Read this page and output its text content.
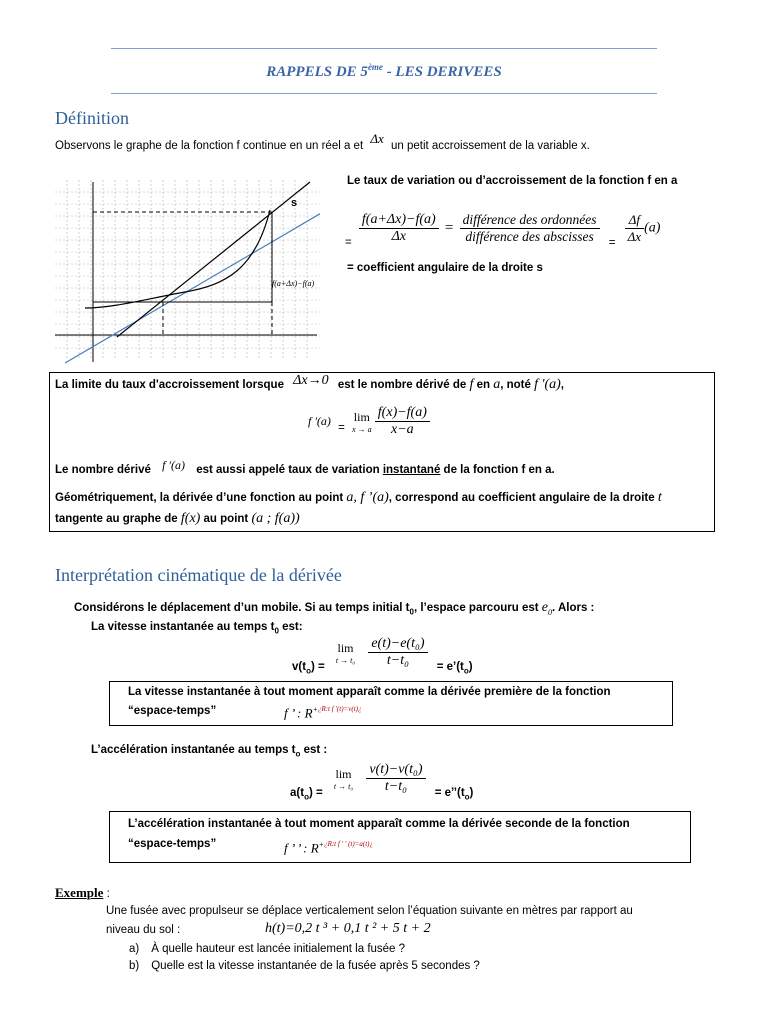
RAPPELS DE 5ème - LES DERIVEES
Définition
Observons le graphe de la fonction f continue en un réel a et Δx un petit accroissement de la variable x.
s
f(a+Δx)−f(a)
Le taux de variation ou d’accroissement de la fonction f en a
= $\frac{f(a+\Delta x)-f(a)}{\Delta x} = \frac{\text{différence des ordonnées}}{\text{différence des abscisses}} = \frac{\Delta f}{\Delta x} (a)$
= coefficient angulaire de la droite s
La limite du taux d'accroissement lorsque Δx→0 est le nombre dérivé de f en a, noté f '(a),
f '(a) = lim
x → a
$\frac{f(x)-f(a)}{x-a}$
Le nombre dérivé f '(a) est aussi appelé taux de variation instantané de la fonction f en a.
Géométriquement, la dérivée d’une fonction au point a, f ’(a), correspond au coefficient angulaire de la droite t
tangente au graphe de f(x) au point (a ; f(a))
Interprétation cinématique de la dérivée
Considérons le déplacement d’un mobile. Si au temps initial $t_0$, l’espace parcouru est $e_0$. Alors :
La vitesse instantanée au temps $t_0$ est:
$v(t_o) = \lim$
t → t₀
$\frac{\text{e(t)−e(t₀)}}{\text{t−t₀}}$ = $e’(t_o)$
La vitesse instantanée à tout moment apparaît comme la dérivée première de la fonction
“espace-temps”	f ’ : $R^{+¿R:t f '(t)=v(t)¿}$
L’accélération instantanée au temps $t_o$ est :
$a(t_o) = \lim$
t → t₀
$\frac{\text{v(t)−v(t₀)}}{\text{t−t₀}}$ = $e’’(t_o)$
L’accélération instantanée à tout moment apparaît comme la dérivée seconde de la fonction
“espace-temps”	f ’ ’ : $R^{+¿R:t f ' ' (t)=a(t)¿}$
Exemple :
Une fusée avec propulseur se déplace verticalement selon l’équation suivante en mètres par rapport au
niveau du sol :	h(t)=0,2 t ³ + 0,1 t ² + 5 t + 2
a) À quelle hauteur est lancée initialement la fusée ?
b) Quelle est la vitesse instantanée de la fusée après 5 secondes ?
